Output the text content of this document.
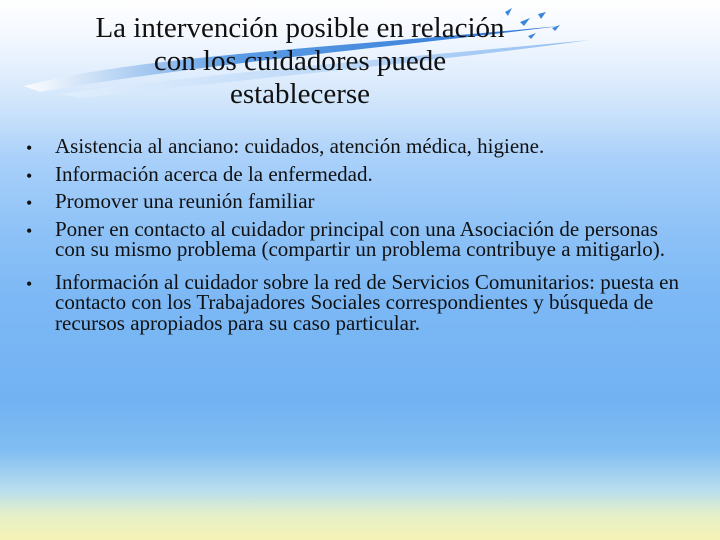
La intervención posible en relación
con los cuidadores puede
establecerse
• Asistencia al anciano: cuidados, atención médica, higiene.
• Información acerca de la enfermedad.
• Promover una reunión familiar
• Poner en contacto al cuidador principal con una Asociación de personas con su mismo problema (compartir un problema contribuye a mitigarlo).
• Información al cuidador sobre la red de Servicios Comunitarios: puesta en contacto con los Trabajadores Sociales correspondientes y búsqueda de recursos apropiados para su caso particular.
